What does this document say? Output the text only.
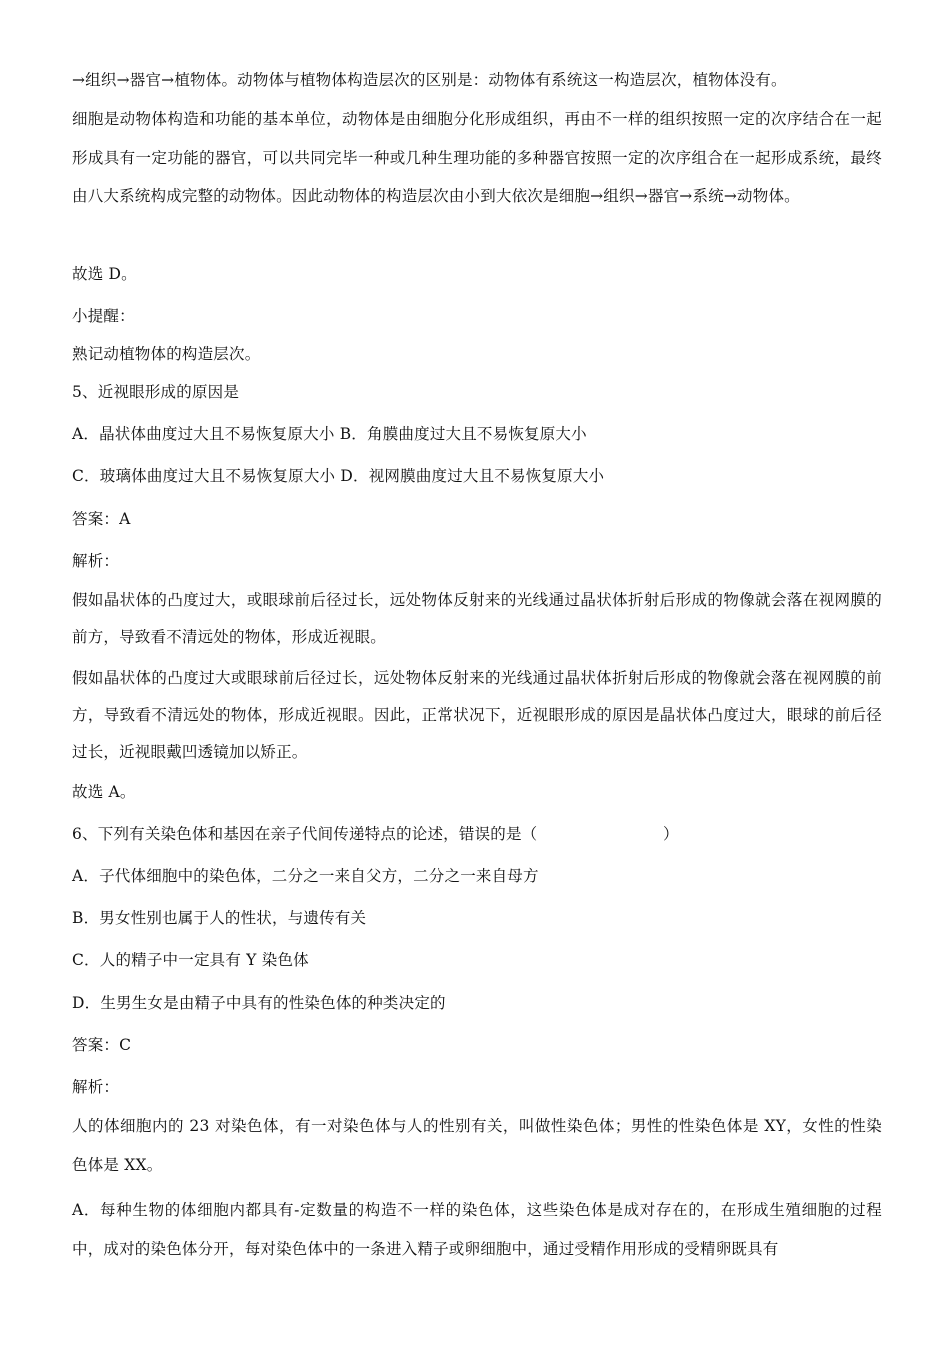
→组织→器官→植物体。动物体与植物体构造层次的区别是：动物体有系统这一构造层次，植物体没有。
细胞是动物体构造和功能的基本单位，动物体是由细胞分化形成组织，再由不一样的组织按照一定的次序结合在一起形成具有一定功能的器官，可以共同完毕一种或几种生理功能的多种器官按照一定的次序组合在一起形成系统，最终由八大系统构成完整的动物体。因此动物体的构造层次由小到大依次是细胞→组织→器官→系统→动物体。
故选 D。
小提醒：
熟记动植物体的构造层次。
5、近视眼形成的原因是
A．晶状体曲度过大且不易恢复原大小 B．角膜曲度过大且不易恢复原大小
C．玻璃体曲度过大且不易恢复原大小 D．视网膜曲度过大且不易恢复原大小
答案：A
解析：
假如晶状体的凸度过大，或眼球前后径过长，远处物体反射来的光线通过晶状体折射后形成的物像就会落在视网膜的前方，导致看不清远处的物体，形成近视眼。
假如晶状体的凸度过大或眼球前后径过长，远处物体反射来的光线通过晶状体折射后形成的物像就会落在视网膜的前方，导致看不清远处的物体，形成近视眼。因此，正常状况下，近视眼形成的原因是晶状体凸度过大，眼球的前后径过长，近视眼戴凹透镜加以矫正。
故选 A。
6、下列有关染色体和基因在亲子代间传递特点的论述，错误的是（　　　　　　　　）
A．子代体细胞中的染色体，二分之一来自父方，二分之一来自母方
B．男女性别也属于人的性状，与遗传有关
C．人的精子中一定具有 Y 染色体
D．生男生女是由精子中具有的性染色体的种类决定的
答案：C
解析：
人的体细胞内的 23 对染色体，有一对染色体与人的性别有关，叫做性染色体；男性的性染色体是 XY，女性的性染色体是 XX。
A．每种生物的体细胞内都具有-定数量的构造不一样的染色体，这些染色体是成对存在的，在形成生殖细胞的过程中，成对的染色体分开，每对染色体中的一条进入精子或卵细胞中，通过受精作用形成的受精卵既具有
